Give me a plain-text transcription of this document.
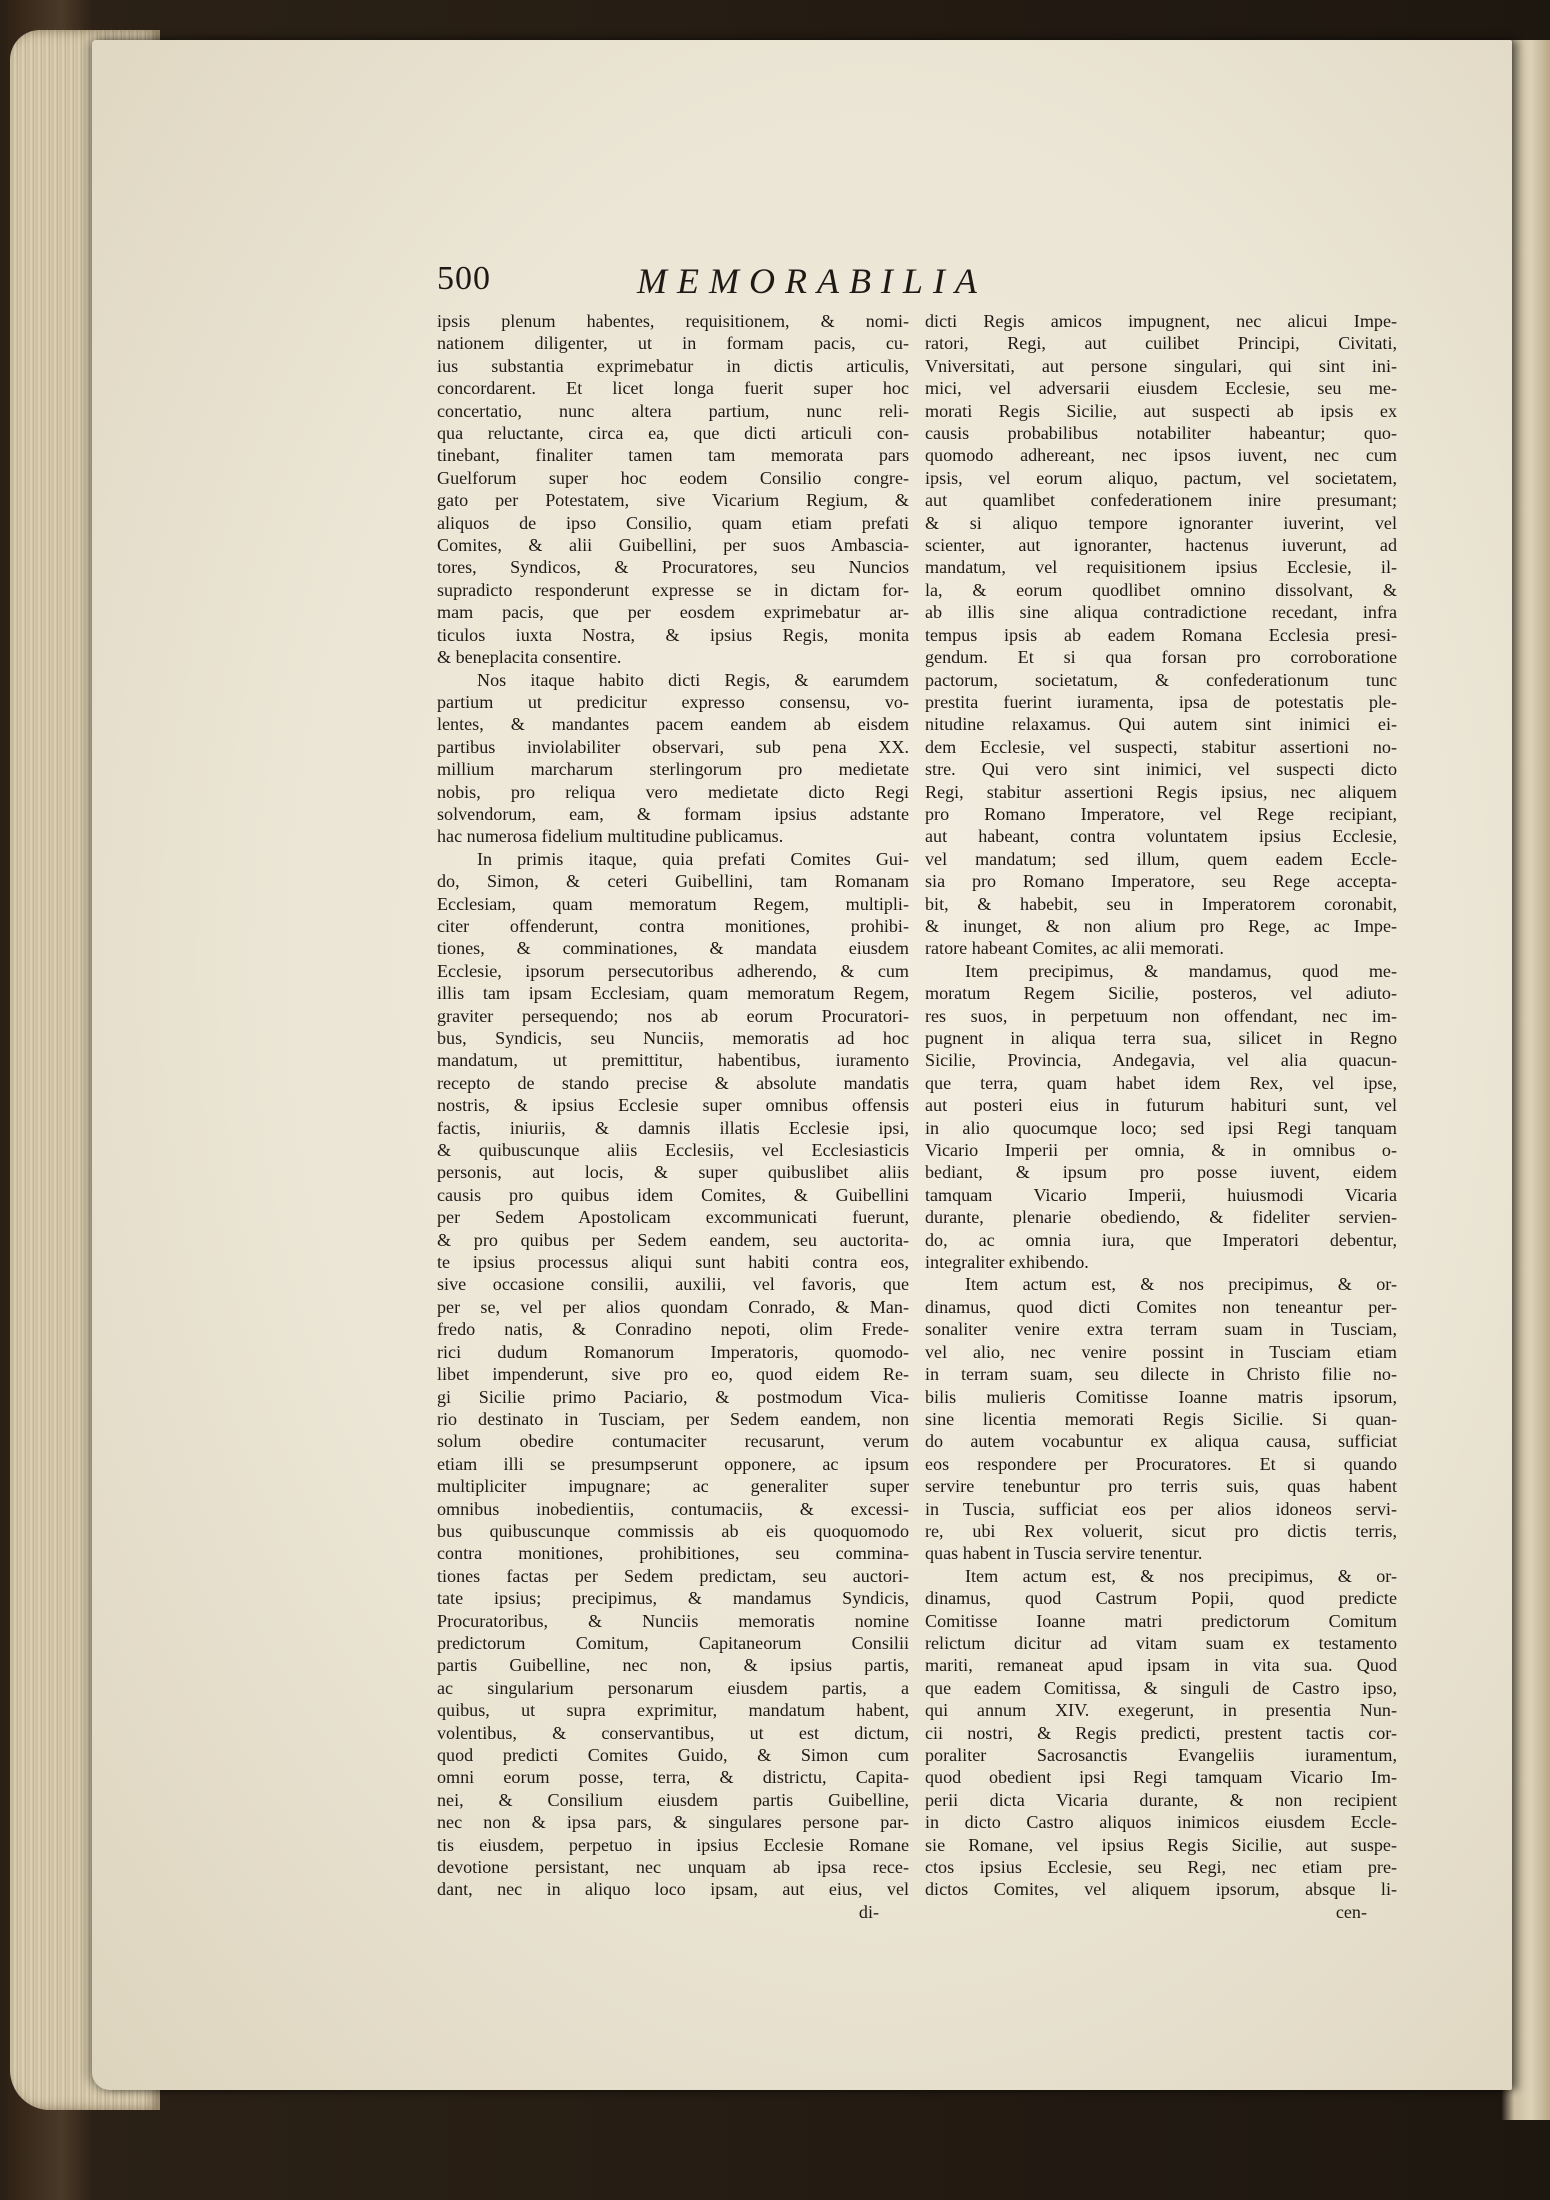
500	MEMORABILIA
ipsis plenum habentes, requisitionem, & nomi-
nationem diligenter, ut in formam pacis, cu-
ius substantia exprimebatur in dictis articulis,
concordarent. Et licet longa fuerit super hoc
concertatio, nunc altera partium, nunc reli-
qua reluctante, circa ea, que dicti articuli con-
tinebant, finaliter tamen tam memorata pars
Guelforum super hoc eodem Consilio congre-
gato per Potestatem, sive Vicarium Regium, &
aliquos de ipso Consilio, quam etiam prefati
Comites, & alii Guibellini, per suos Ambascia-
tores, Syndicos, & Procuratores, seu Nuncios
supradicto responderunt expresse se in dictam for-
mam pacis, que per eosdem exprimebatur ar-
ticulos iuxta Nostra, & ipsius Regis, monita
& beneplacita consentire.
Nos itaque habito dicti Regis, & earumdem
partium ut predicitur expresso consensu, vo-
lentes, & mandantes pacem eandem ab eisdem
partibus inviolabiliter observari, sub pena XX.
millium marcharum sterlingorum pro medietate
nobis, pro reliqua vero medietate dicto Regi
solvendorum, eam, & formam ipsius adstante
hac numerosa fidelium multitudine publicamus.
In primis itaque, quia prefati Comites Gui-
do, Simon, & ceteri Guibellini, tam Romanam
Ecclesiam, quam memoratum Regem, multipli-
citer offenderunt, contra monitiones, prohibi-
tiones, & comminationes, & mandata eiusdem
Ecclesie, ipsorum persecutoribus adherendo, & cum
illis tam ipsam Ecclesiam, quam memoratum Regem,
graviter persequendo; nos ab eorum Procuratori-
bus, Syndicis, seu Nunciis, memoratis ad hoc
mandatum, ut premittitur, habentibus, iuramento
recepto de stando precise & absolute mandatis
nostris, & ipsius Ecclesie super omnibus offensis
factis, iniuriis, & damnis illatis Ecclesie ipsi,
& quibuscunque aliis Ecclesiis, vel Ecclesiasticis
personis, aut locis, & super quibuslibet aliis
causis pro quibus idem Comites, & Guibellini
per Sedem Apostolicam excommunicati fuerunt,
& pro quibus per Sedem eandem, seu auctorita-
te ipsius processus aliqui sunt habiti contra eos,
sive occasione consilii, auxilii, vel favoris, que
per se, vel per alios quondam Conrado, & Man-
fredo natis, & Conradino nepoti, olim Frede-
rici dudum Romanorum Imperatoris, quomodo-
libet impenderunt, sive pro eo, quod eidem Re-
gi Sicilie primo Paciario, & postmodum Vica-
rio destinato in Tusciam, per Sedem eandem, non
solum obedire contumaciter recusarunt, verum
etiam illi se presumpserunt opponere, ac ipsum
multipliciter impugnare; ac generaliter super
omnibus inobedientiis, contumaciis, & excessi-
bus quibuscunque commissis ab eis quoquomodo
contra monitiones, prohibitiones, seu commina-
tiones factas per Sedem predictam, seu auctori-
tate ipsius; precipimus, & mandamus Syndicis,
Procuratoribus, & Nunciis memoratis nomine
predictorum Comitum, Capitaneorum Consilii
partis Guibelline, nec non, & ipsius partis,
ac singularium personarum eiusdem partis, a
quibus, ut supra exprimitur, mandatum habent,
volentibus, & conservantibus, ut est dictum,
quod predicti Comites Guido, & Simon cum
omni eorum posse, terra, & districtu, Capita-
nei, & Consilium eiusdem partis Guibelline,
nec non & ipsa pars, & singulares persone par-
tis eiusdem, perpetuo in ipsius Ecclesie Romane
devotione persistant, nec unquam ab ipsa rece-
dant, nec in aliquo loco ipsam, aut eius, vel
di-
dicti Regis amicos impugnent, nec alicui Impe-
ratori, Regi, aut cuilibet Principi, Civitati,
Vniversitati, aut persone singulari, qui sint ini-
mici, vel adversarii eiusdem Ecclesie, seu me-
morati Regis Sicilie, aut suspecti ab ipsis ex
causis probabilibus notabiliter habeantur; quo-
quomodo adhereant, nec ipsos iuvent, nec cum
ipsis, vel eorum aliquo, pactum, vel societatem,
aut quamlibet confederationem inire presumant;
& si aliquo tempore ignoranter iuverint, vel
scienter, aut ignoranter, hactenus iuverunt, ad
mandatum, vel requisitionem ipsius Ecclesie, il-
la, & eorum quodlibet omnino dissolvant, &
ab illis sine aliqua contradictione recedant, infra
tempus ipsis ab eadem Romana Ecclesia presi-
gendum. Et si qua forsan pro corroboratione
pactorum, societatum, & confederationum tunc
prestita fuerint iuramenta, ipsa de potestatis ple-
nitudine relaxamus. Qui autem sint inimici ei-
dem Ecclesie, vel suspecti, stabitur assertioni no-
stre. Qui vero sint inimici, vel suspecti dicto
Regi, stabitur assertioni Regis ipsius, nec aliquem
pro Romano Imperatore, vel Rege recipiant,
aut habeant, contra voluntatem ipsius Ecclesie,
vel mandatum; sed illum, quem eadem Eccle-
sia pro Romano Imperatore, seu Rege accepta-
bit, & habebit, seu in Imperatorem coronabit,
& inunget, & non alium pro Rege, ac Impe-
ratore habeant Comites, ac alii memorati.
Item precipimus, & mandamus, quod me-
moratum Regem Sicilie, posteros, vel adiuto-
res suos, in perpetuum non offendant, nec im-
pugnent in aliqua terra sua, silicet in Regno
Sicilie, Provincia, Andegavia, vel alia quacun-
que terra, quam habet idem Rex, vel ipse,
aut posteri eius in futurum habituri sunt, vel
in alio quocumque loco; sed ipsi Regi tanquam
Vicario Imperii per omnia, & in omnibus o-
bediant, & ipsum pro posse iuvent, eidem
tamquam Vicario Imperii, huiusmodi Vicaria
durante, plenarie obediendo, & fideliter servien-
do, ac omnia iura, que Imperatori debentur,
integraliter exhibendo.
Item actum est, & nos precipimus, & or-
dinamus, quod dicti Comites non teneantur per-
sonaliter venire extra terram suam in Tusciam,
vel alio, nec venire possint in Tusciam etiam
in terram suam, seu dilecte in Christo filie no-
bilis mulieris Comitisse Ioanne matris ipsorum,
sine licentia memorati Regis Sicilie. Si quan-
do autem vocabuntur ex aliqua causa, sufficiat
eos respondere per Procuratores. Et si quando
servire tenebuntur pro terris suis, quas habent
in Tuscia, sufficiat eos per alios idoneos servi-
re, ubi Rex voluerit, sicut pro dictis terris,
quas habent in Tuscia servire tenentur.
Item actum est, & nos precipimus, & or-
dinamus, quod Castrum Popii, quod predicte
Comitisse Ioanne matri predictorum Comitum
relictum dicitur ad vitam suam ex testamento
mariti, remaneat apud ipsam in vita sua. Quod
que eadem Comitissa, & singuli de Castro ipso,
qui annum XIV. exegerunt, in presentia Nun-
cii nostri, & Regis predicti, prestent tactis cor-
poraliter Sacrosanctis Evangeliis iuramentum,
quod obedient ipsi Regi tamquam Vicario Im-
perii dicta Vicaria durante, & non recipient
in dicto Castro aliquos inimicos eiusdem Eccle-
sie Romane, vel ipsius Regis Sicilie, aut suspe-
ctos ipsius Ecclesie, seu Regi, nec etiam pre-
dictos Comites, vel aliquem ipsorum, absque li-
cen-
